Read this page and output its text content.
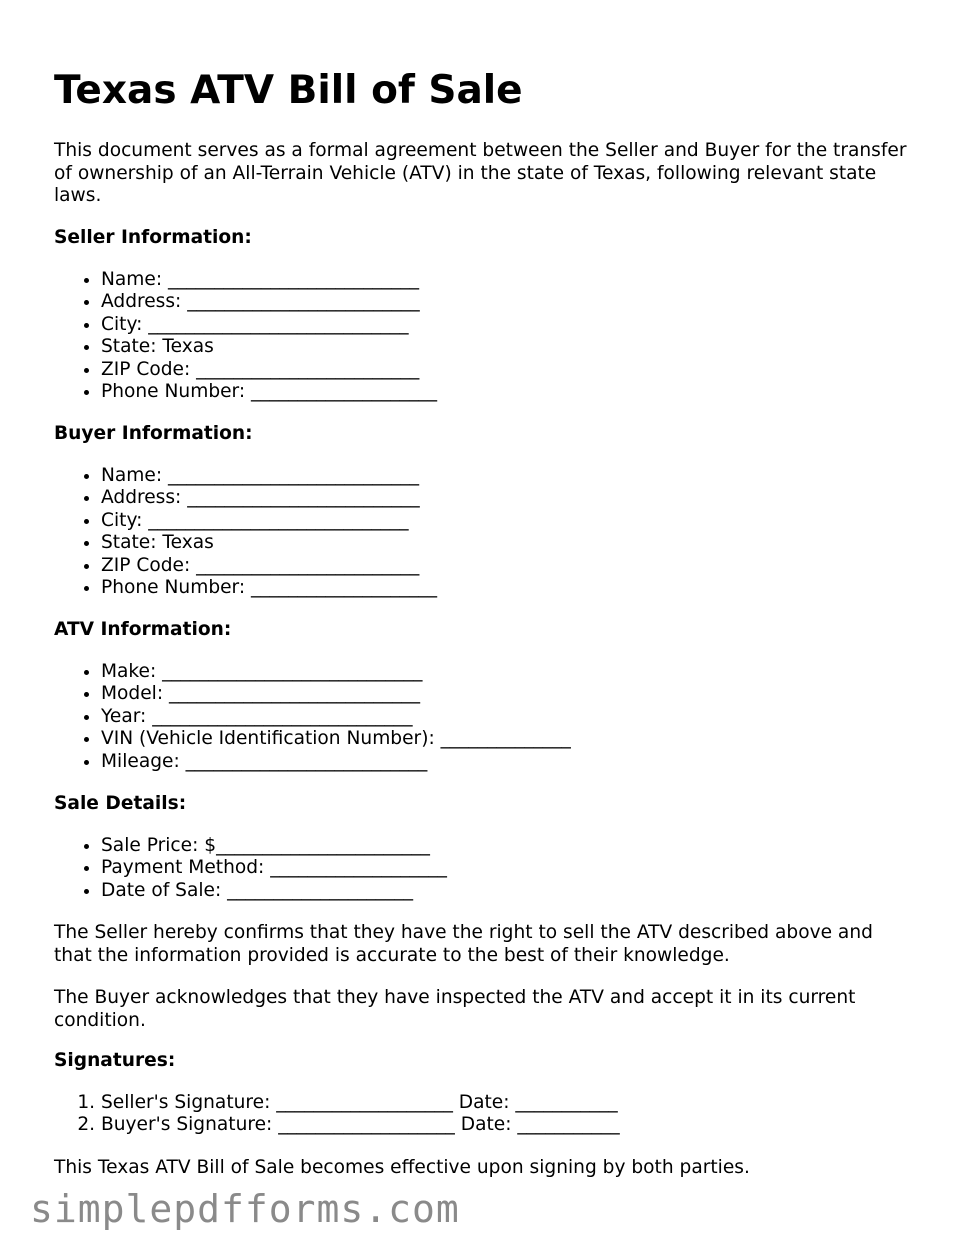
Texas ATV Bill of Sale

This document serves as a formal agreement between the Seller and Buyer for the transfer of ownership of an All-Terrain Vehicle (ATV) in the state of Texas, following relevant state laws.

Seller Information:
• Name: ___________________________
• Address: _________________________
• City: ____________________________
• State: Texas
• ZIP Code: ________________________
• Phone Number: ____________________
Buyer Information:
• Name: ___________________________
• Address: _________________________
• City: ____________________________
• State: Texas
• ZIP Code: ________________________
• Phone Number: ____________________
ATV Information:
• Make: ____________________________
• Model: ___________________________
• Year: ____________________________
• VIN (Vehicle Identification Number): ______________
• Mileage: __________________________
Sale Details:
• Sale Price: $_______________________
• Payment Method: ___________________
• Date of Sale: ____________________

The Seller hereby confirms that they have the right to sell the ATV described above and that the information provided is accurate to the best of their knowledge.

The Buyer acknowledges that they have inspected the ATV and accept it in its current condition.

Signatures:
1. Seller's Signature: ___________________ Date: ___________
2. Buyer's Signature: ___________________ Date: ___________

This Texas ATV Bill of Sale becomes effective upon signing by both parties.

simplepdfforms.com
